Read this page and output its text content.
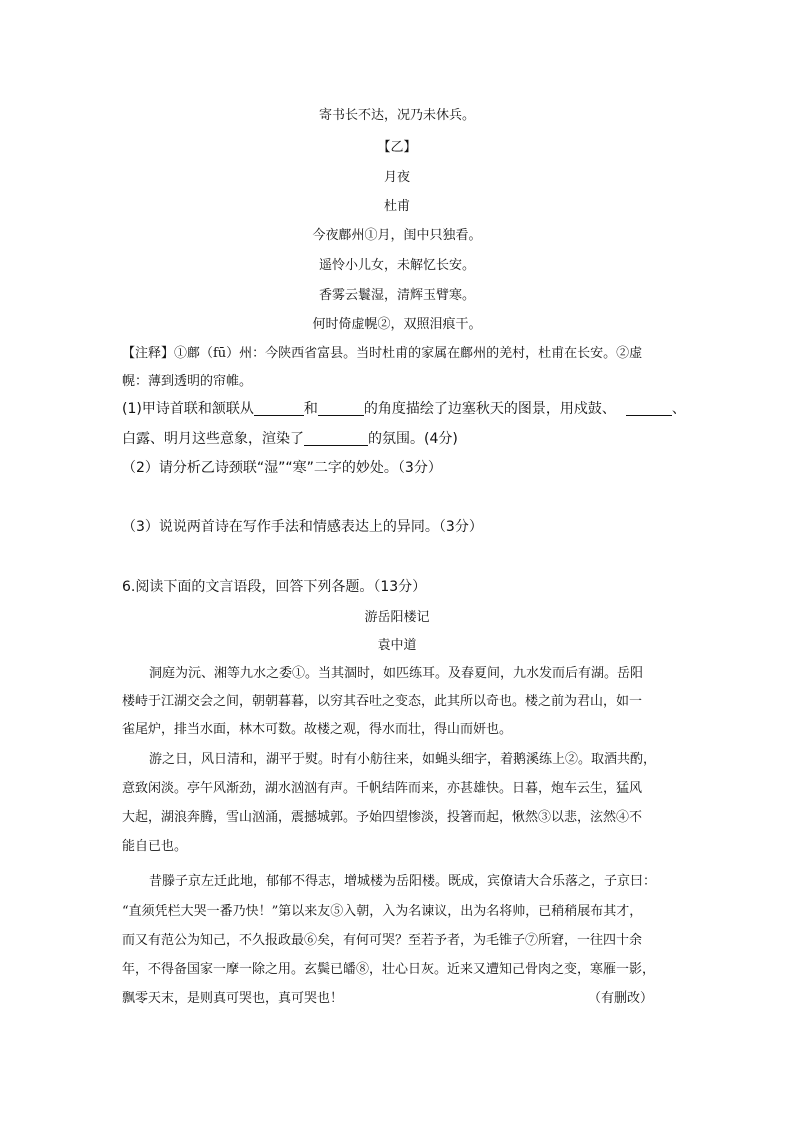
寄书长不达，况乃未休兵。
【乙】
月夜
杜甫
今夜鄜州①月，闺中只独看。
遥怜小儿女，未解忆长安。
香雾云鬟湿，清辉玉臂寒。
何时倚虚幌②，双照泪痕干。
【注释】①鄜（fū）州：今陕西省富县。当时杜甫的家属在鄜州的羌村，杜甫在长安。②虚
幌：薄到透明的帘帷。
(1)甲诗首联和颔联从	和	的角度描绘了边塞秋天的图景，用戍鼓、	、
白露、明月这些意象，渲染了	的氛围。(4分)
（2）请分析乙诗颈联“湿”“寒”二字的妙处。（3分）
（3）说说两首诗在写作手法和情感表达上的异同。（3分）
6.阅读下面的文言语段，回答下列各题。（13分）
游岳阳楼记
袁中道
洞庭为沅、湘等九水之委①。当其涸时，如匹练耳。及春夏间，九水发而后有湖。岳阳
楼峙于江湖交会之间，朝朝暮暮，以穷其吞吐之变态，此其所以奇也。楼之前为君山，如一
雀尾炉，排当水面，林木可数。故楼之观，得水而壮，得山而妍也。
游之日，风日清和，湖平于熨。时有小舫往来，如蝇头细字，着鹅溪练上②。取酒共酌，
意致闲淡。亭午风渐劲，湖水汹汹有声。千帆结阵而来，亦甚雄快。日暮，炮车云生，猛风
大起，湖浪奔腾，雪山汹涌，震撼城郭。予始四望惨淡，投箸而起，愀然③以悲，泫然④不
能自已也。
昔滕子京左迁此地，郁郁不得志，增城楼为岳阳楼。既成，宾僚请大合乐落之，子京曰：
“直须凭栏大哭一番乃快！”第以来友⑤入朝，入为名谏议，出为名将帅，已稍稍展布其才，
而又有范公为知己，不久报政最⑥矣，有何可哭？至若予者，为毛锥子⑦所窘，一往四十余
年，不得备国家一摩一除之用。玄鬓已皤⑧，壮心日灰。近来又遭知己骨肉之变，寒雁一影，
飘零天末，是则真可哭也，真可哭也！	（有删改）
